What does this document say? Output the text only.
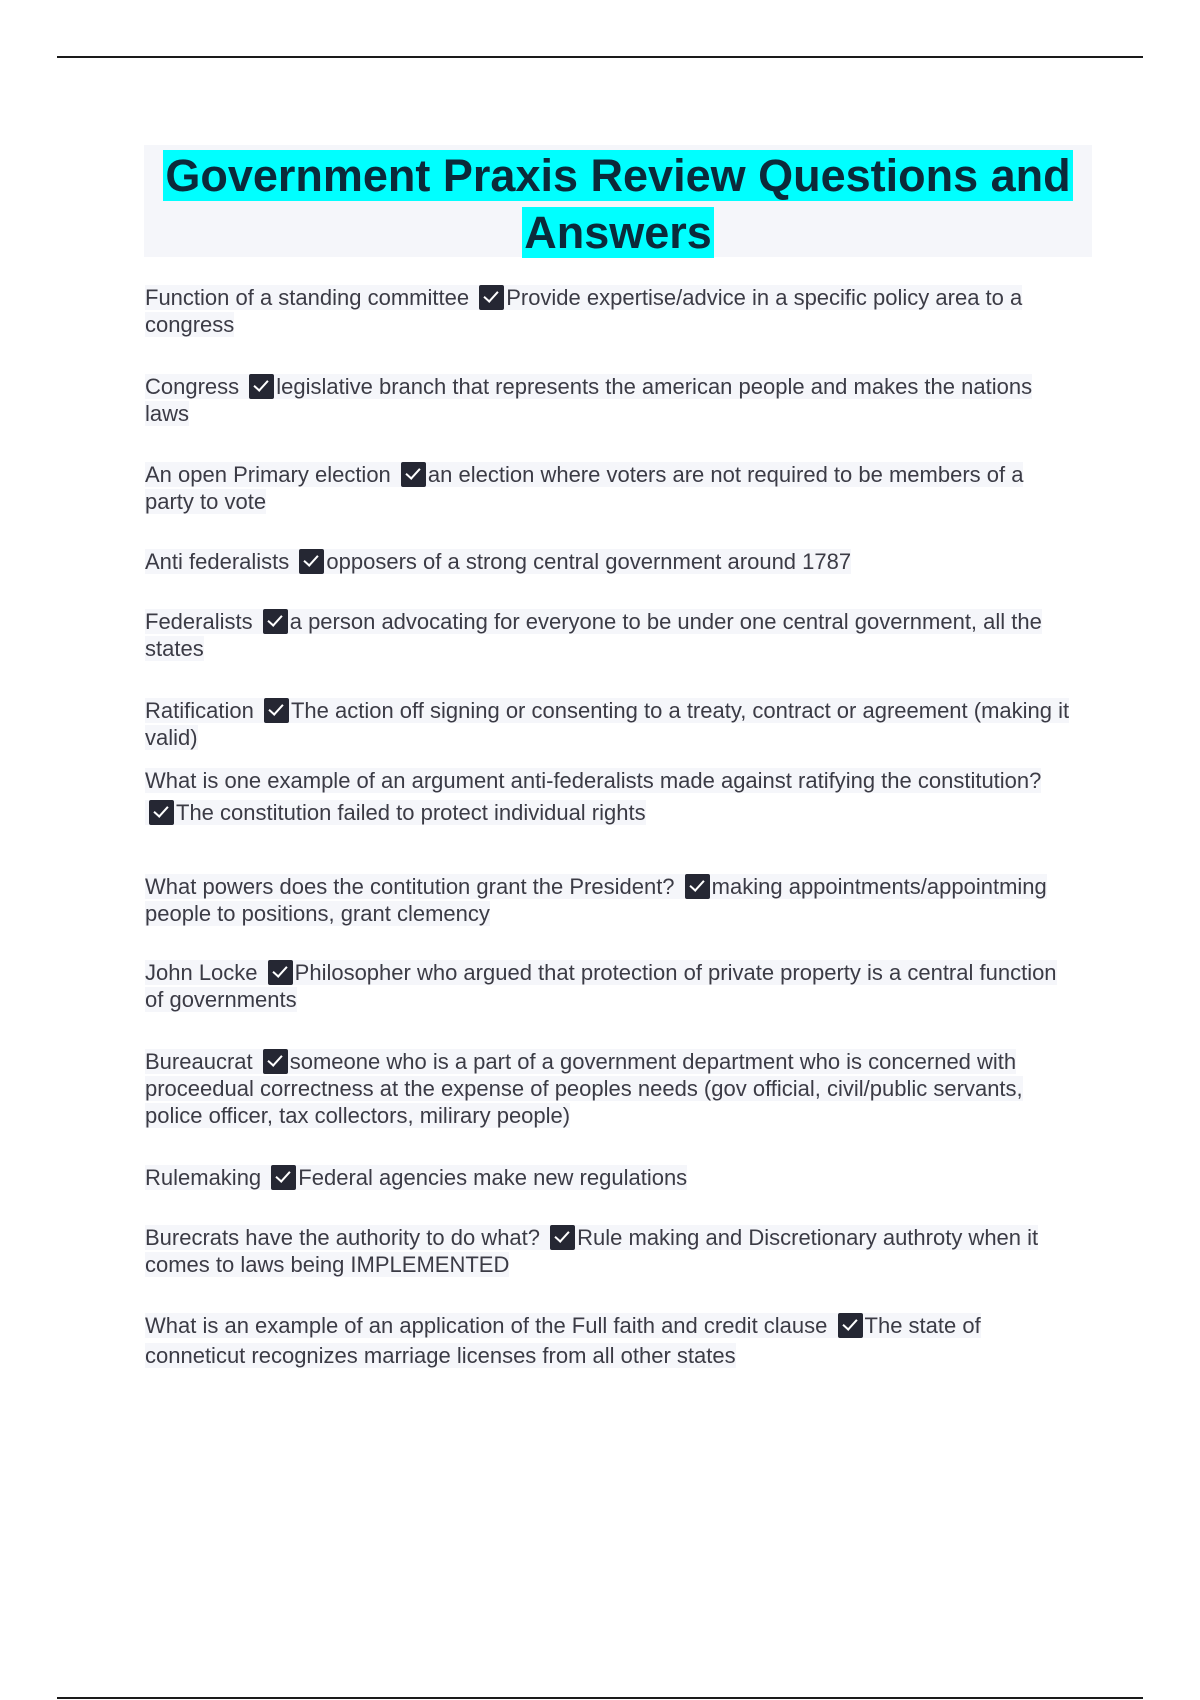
Government Praxis Review Questions and Answers
Function of a standing committee Provide expertise/advice in a specific policy area to a congress
Congress legislative branch that represents the american people and makes the nations laws
An open Primary election an election where voters are not required to be members of a party to vote
Anti federalists opposers of a strong central government around 1787
Federalists a person advocating for everyone to be under one central government, all the states
Ratification The action off signing or consenting to a treaty, contract or agreement (making it valid)
What is one example of an argument anti-federalists made against ratifying the constitution? The constitution failed to protect individual rights
What powers does the contitution grant the President? making appointments/appointming people to positions, grant clemency
John Locke Philosopher who argued that protection of private property is a central function of governments
Bureaucrat someone who is a part of a government department who is concerned with proceedual correctness at the expense of peoples needs (gov official, civil/public servants, police officer, tax collectors, milirary people)
Rulemaking Federal agencies make new regulations
Burecrats have the authority to do what? Rule making and Discretionary authroty when it comes to laws being IMPLEMENTED
What is an example of an application of the Full faith and credit clause The state of conneticut recognizes marriage licenses from all other states
